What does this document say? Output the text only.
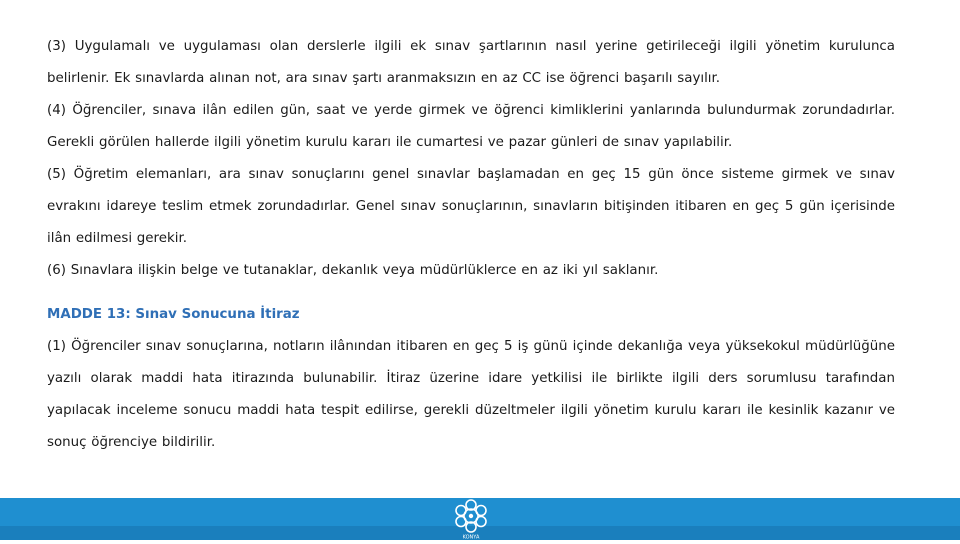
(3) Uygulamalı ve uygulaması olan derslerle ilgili ek sınav şartlarının nasıl yerine getirileceği ilgili yönetim kurulunca belirlenir. Ek sınavlarda alınan not, ara sınav şartı aranmaksızın en az CC ise öğrenci başarılı sayılır.

(4) Öğrenciler, sınava ilân edilen gün, saat ve yerde girmek ve öğrenci kimliklerini yanlarında bulundurmak zorundadırlar. Gerekli görülen hallerde ilgili yönetim kurulu kararı ile cumartesi ve pazar günleri de sınav yapılabilir.

(5) Öğretim elemanları, ara sınav sonuçlarını genel sınavlar başlamadan en geç 15 gün önce sisteme girmek ve sınav evrakını idareye teslim etmek zorundadırlar. Genel sınav sonuçlarının, sınavların bitişinden itibaren en geç 5 gün içerisinde ilân edilmesi gerekir.

(6) Sınavlara ilişkin belge ve tutanaklar, dekanlık veya müdürlüklerce en az iki yıl saklanır.

MADDE 13: Sınav Sonucuna İtiraz

(1) Öğrenciler sınav sonuçlarına, notların ilânından itibaren en geç 5 iş günü içinde dekanlığa veya yüksekokul müdürlüğüne yazılı olarak maddi hata itirazında bulunabilir. İtiraz üzerine idare yetkilisi ile birlikte ilgili ders sorumlusu tarafından yapılacak inceleme sonucu maddi hata tespit edilirse, gerekli düzeltmeler ilgili yönetim kurulu kararı ile kesinlik kazanır ve sonuç öğrenciye bildirilir.

KONYA
